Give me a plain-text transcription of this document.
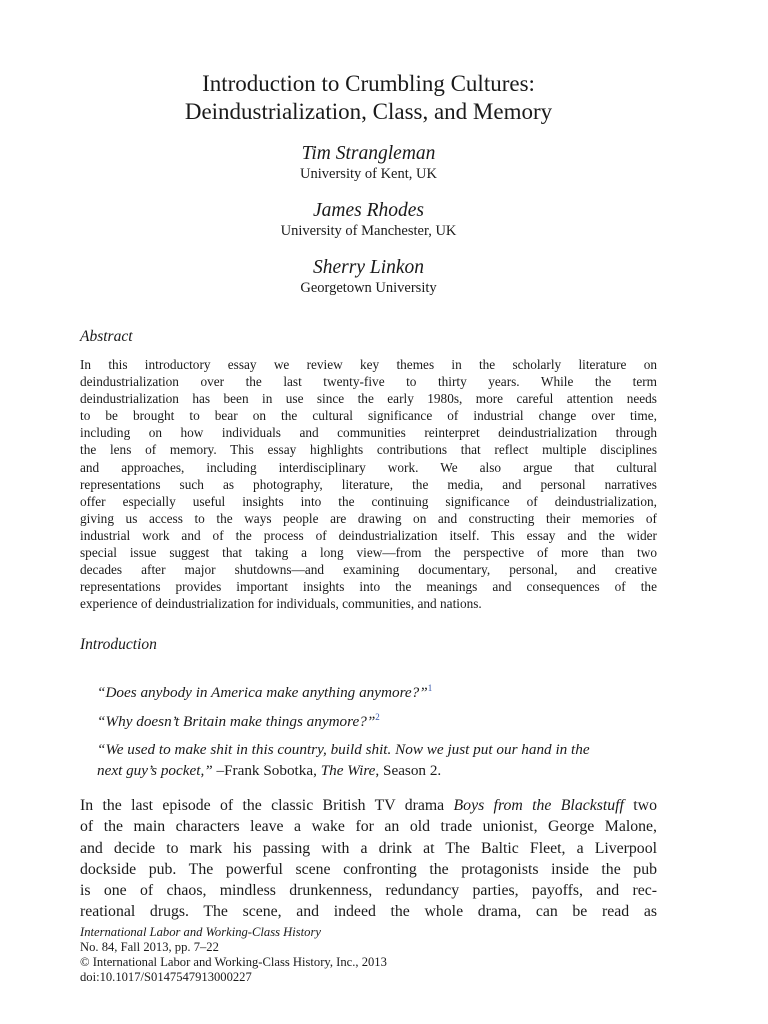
Introduction to Crumbling Cultures:
Deindustrialization, Class, and Memory
Tim Strangleman
University of Kent, UK
James Rhodes
University of Manchester, UK
Sherry Linkon
Georgetown University
Abstract
In this introductory essay we review key themes in the scholarly literature on
deindustrialization over the last twenty-five to thirty years. While the term
deindustrialization has been in use since the early 1980s, more careful attention needs
to be brought to bear on the cultural significance of industrial change over time,
including on how individuals and communities reinterpret deindustrialization through
the lens of memory. This essay highlights contributions that reflect multiple disciplines
and approaches, including interdisciplinary work. We also argue that cultural
representations such as photography, literature, the media, and personal narratives
offer especially useful insights into the continuing significance of deindustrialization,
giving us access to the ways people are drawing on and constructing their memories of
industrial work and of the process of deindustrialization itself. This essay and the wider
special issue suggest that taking a long view—from the perspective of more than two
decades after major shutdowns—and examining documentary, personal, and creative
representations provides important insights into the meanings and consequences of the
experience of deindustrialization for individuals, communities, and nations.
Introduction
“Does anybody in America make anything anymore?”$^1$
“Why doesn’t Britain make things anymore?”$^2$
“We used to make shit in this country, build shit. Now we just put our hand in the
next guy’s pocket,” –Frank Sobotka, The Wire, Season 2.
In the last episode of the classic British TV drama Boys from the Blackstuff two
of the main characters leave a wake for an old trade unionist, George Malone,
and decide to mark his passing with a drink at The Baltic Fleet, a Liverpool
dockside pub. The powerful scene confronting the protagonists inside the pub
is one of chaos, mindless drunkenness, redundancy parties, payoffs, and rec-
reational drugs. The scene, and indeed the whole drama, can be read as
International Labor and Working-Class History
No. 84, Fall 2013, pp. 7–22
© International Labor and Working-Class History, Inc., 2013
doi:10.1017/S0147547913000227
